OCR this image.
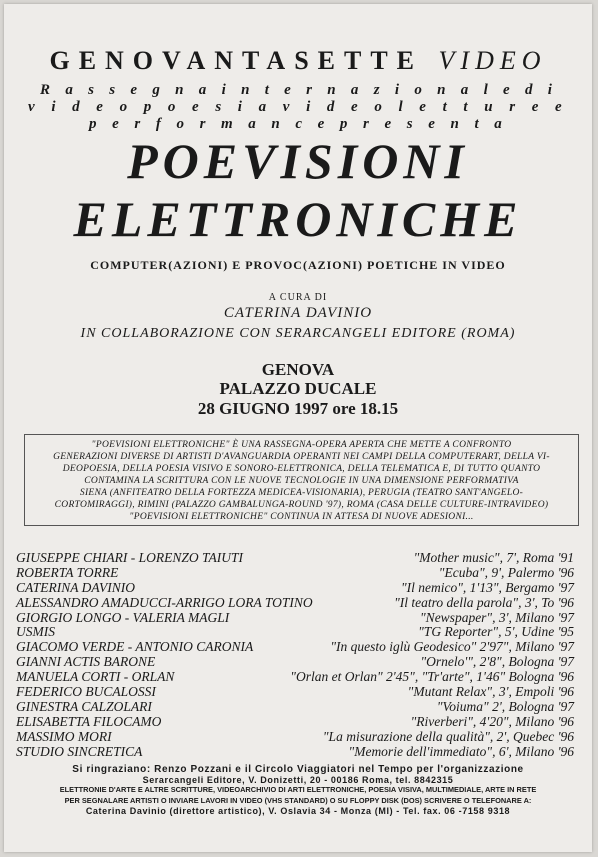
GENOVANTASETTE VIDEO
R a s s e g n a i n t e r n a z i o n a l e d i
v i d e o p o e s i a v i d e o l e t t u r e e
p e r f o r m a n c e p r e s e n t a
POEVISIONI
ELETTRONICHE
COMPUTER(AZIONI) E PROVOC(AZIONI) POETICHE IN VIDEO
A CURA DI
CATERINA DAVINIO
IN COLLABORAZIONE CON SERARCANGELI EDITORE (ROMA)
GENOVA
PALAZZO DUCALE
28 GIUGNO 1997 ore 18.15
"POEVISIONI ELETTRONICHE" È UNA RASSEGNA-OPERA APERTA CHE METTE A CONFRONTO
GENERAZIONI DIVERSE DI ARTISTI D'AVANGUARDIA OPERANTI NEI CAMPI DELLA COMPUTERART, DELLA VI-
DEOPOESIA, DELLA POESIA VISIVO E SONORO-ELETTRONICA, DELLA TELEMATICA E, DI TUTTO QUANTO
CONTAMINA LA SCRITTURA CON LE NUOVE TECNOLOGIE IN UNA DIMENSIONE PERFORMATIVA
SIENA (ANFITEATRO DELLA FORTEZZA MEDICEA-VISIONARIA), PERUGIA (TEATRO SANT'ANGELO-
CORTOMIRAGGI), RIMINI (PALAZZO GAMBALUNGA-ROUND '97), ROMA (CASA DELLE CULTURE-INTRAVIDEO)
"POEVISIONI ELETTRONICHE" CONTINUA IN ATTESA DI NUOVE ADESIONI...
GIUSEPPE CHIARI - LORENZO TAIUTI	"Mother music", 7', Roma '91
ROBERTA TORRE	"Ecuba", 9', Palermo '96
CATERINA DAVINIO	"Il nemico", 1'13", Bergamo '97
ALESSANDRO AMADUCCI-ARRIGO LORA TOTINO	"Il teatro della parola", 3', To '96
GIORGIO LONGO - VALERIA MAGLI	"Newspaper", 3', Milano '97
USMIS	"TG Reporter", 5', Udine '95
GIACOMO VERDE - ANTONIO CARONIA	"In questo iglù Geodesico" 2'97", Milano '97
GIANNI ACTIS BARONE	"Ornelo'", 2'8", Bologna '97
MANUELA CORTI - ORLAN	"Orlan et Orlan" 2'45", "Tr'arte", 1'46" Bologna '96
FEDERICO BUCALOSSI	"Mutant Relax", 3', Empoli '96
GINESTRA CALZOLARI	"Voiuma" 2', Bologna '97
ELISABETTA FILOCAMO	"Riverberi", 4'20", Milano '96
MASSIMO MORI	"La misurazione della qualità", 2', Quebec '96
STUDIO SINCRETICA	"Memorie dell'immediato", 6', Milano '96
Si ringraziano: Renzo Pozzani e il Circolo Viaggiatori nel Tempo per l'organizzazione
Serarcangeli Editore, V. Donizetti, 20 - 00186 Roma, tel. 8842315
ELETTRONIE D'ARTE E ALTRE SCRITTURE, VIDEOARCHIVIO DI ARTI ELETTRONICHE, POESIA VISIVA, MULTIMEDIALE, ARTE IN RETE
PER SEGNALARE ARTISTI O INVIARE LAVORI IN VIDEO (VHS STANDARD) O SU FLOPPY DISK (DOS) SCRIVERE O TELEFONARE A:
Caterina Davinio (direttore artistico), V. Oslavia 34 - Monza (MI) - Tel. fax. 06 -7158 9318
